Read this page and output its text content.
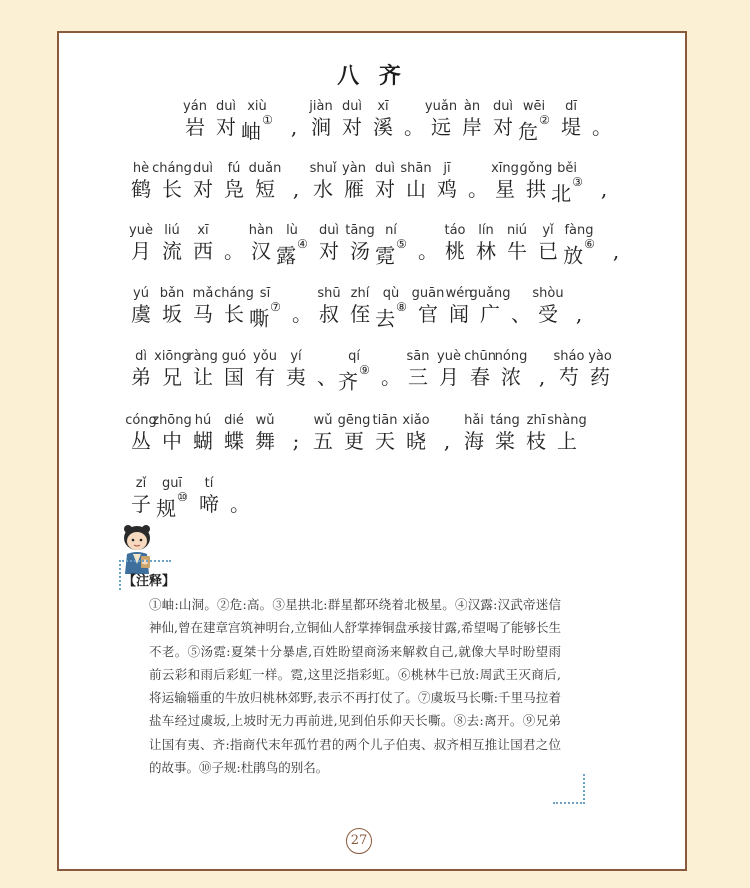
八 齐
yán
岩
duì
对
xiù
岫① ,
jiàn
涧
duì
对
xī
溪 。
yuǎn
远
àn
岸
duì
对
wēi
危②
dī
堤 。
hè
鹤
cháng
长
duì
对
fú
凫
duǎn
短 ,
shuǐ
水
yàn
雁
duì
对
shān
山
jī
鸡 。
xīng
星
gǒng
拱
běi
北③ ,
yuè
月
liú
流
xī
西 。
hàn
汉
lù
露④
duì
对
tāng
汤
ní
霓⑤ 。
táo
桃
lín
林
niú
牛
yǐ
已
fàng
放⑥ ,
yú
虞
bǎn
坂
mǎ
马
cháng
长
sī
嘶⑦ 。
shū
叔
zhí
侄
qù
去⑧
guān
官
wén
闻
guǎng
广 、
shòu
受 ,
dì
弟
xiōng
兄
ràng
让
guó
国
yǒu
有
yí
夷 、
qí
齐⑨ 。
sān
三
yuè
月
chūn
春
nóng
浓 ,
sháo
芍
yào
药
cóng
丛
zhōng
中
hú
蝴
dié
蝶
wǔ
舞 ;
wǔ
五
gēng
更
tiān
天
xiǎo
晓 ,
hǎi
海
táng
棠
zhī
枝
shàng
上
zǐ
子
guī
规⑩
tí
啼 。
【注释】
①岫:山洞。②危:高。③星拱北:群星都环绕着北极星。④汉露:汉武帝迷信神仙,曾在建章宫筑神明台,立铜仙人舒掌捧铜盘承接甘露,希望喝了能够长生不老。⑤汤霓:夏桀十分暴虐,百姓盼望商汤来解救自己,就像大旱时盼望雨前云彩和雨后彩虹一样。霓,这里泛指彩虹。⑥桃林牛已放:周武王灭商后,将运输辎重的牛放归桃林郊野,表示不再打仗了。⑦虞坂马长嘶:千里马拉着盐车经过虞坂,上坡时无力再前进,见到伯乐仰天长嘶。⑧去:离开。⑨兄弟让国有夷、齐:指商代末年孤竹君的两个儿子伯夷、叔齐相互推让国君之位的故事。⑩子规:杜鹃鸟的别名。
27
